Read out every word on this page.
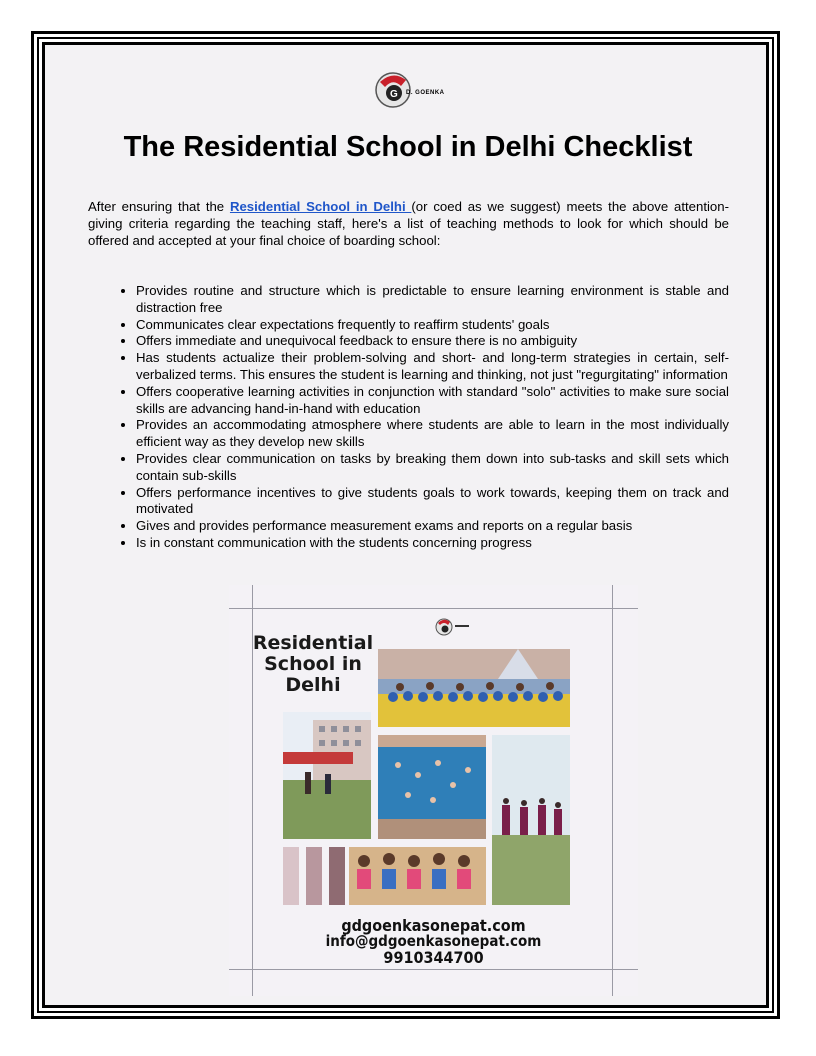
G D. GOENKA
The Residential School in Delhi Checklist

After ensuring that the Residential School in Delhi (or coed as we suggest) meets the above attention-giving criteria regarding the teaching staff, here's a list of teaching methods to look for which should be offered and accepted at your final choice of boarding school:

• Provides routine and structure which is predictable to ensure learning environment is stable and distraction free
• Communicates clear expectations frequently to reaffirm students' goals
• Offers immediate and unequivocal feedback to ensure there is no ambiguity
• Has students actualize their problem-solving and short- and long-term strategies in certain, self-verbalized terms. This ensures the student is learning and thinking, not just "regurgitating" information
• Offers cooperative learning activities in conjunction with standard "solo" activities to make sure social skills are advancing hand-in-hand with education
• Provides an accommodating atmosphere where students are able to learn in the most individually efficient way as they develop new skills
• Provides clear communication on tasks by breaking them down into sub-tasks and skill sets which contain sub-skills
• Offers performance incentives to give students goals to work towards, keeping them on track and motivated
• Gives and provides performance measurement exams and reports on a regular basis
• Is in constant communication with the students concerning progress
Residential
School in
Delhi
gdgoenkasonepat.com
info@gdgoenkasonepat.com
9910344700
